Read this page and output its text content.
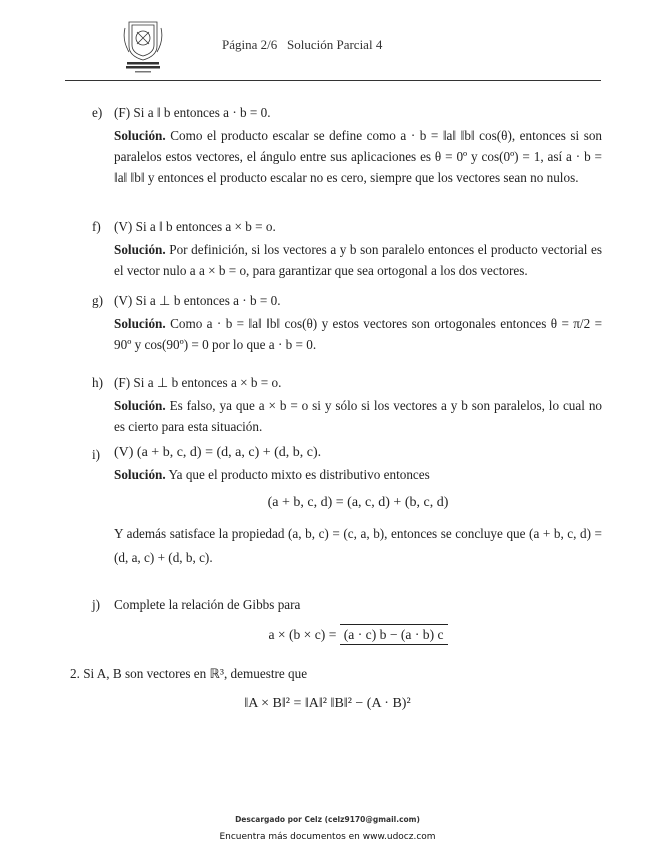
Página 2/6 Solución Parcial 4
e) (F) Si a ‖ b entonces a · b = 0.
Solución. Como el producto escalar se define como a · b = ‖a‖ ‖b‖ cos(θ), entonces si son paralelos estos vectores, el ángulo entre sus aplicaciones es θ = 0º y cos(0º) = 1, así a · b = ‖a‖ ‖b‖ y entonces el producto escalar no es cero, siempre que los vectores sean no nulos.
f) (V) Si a ‖ b entonces a × b = o.
Solución. Por definición, si los vectores a y b son paralelo entonces el producto vectorial es el vector nulo a a × b = o, para garantizar que sea ortogonal a los dos vectores.
g) (V) Si a ⊥ b entonces a · b = 0.
Solución. Como a · b = ‖a‖ ‖b‖ cos(θ) y estos vectores son ortogonales entonces θ = π/2 = 90º y cos(90º) = 0 por lo que a · b = 0.
h) (F) Si a ⊥ b entonces a × b = o.
Solución. Es falso, ya que a × b = o si y sólo si los vectores a y b son paralelos, lo cual no es cierto para esta situación.
i) (V) (a + b, c, d) = (d, a, c) + (d, b, c).
Solución. Ya que el producto mixto es distributivo entonces
(a + b, c, d) = (a, c, d) + (b, c, d)
Y además satisface la propiedad (a, b, c) = (c, a, b), entonces se concluye que (a + b, c, d) = (d, a, c) + (d, b, c).
j) Complete la relación de Gibbs para
a × (b × c) = (a · c) b − (a · b) c
2. Si A, B son vectores en ℝ³, demuestre que
‖A × B‖² = ‖A‖² ‖B‖² − (A · B)²
Descargado por Celz (celz9170@gmail.com)
Encuentra más documentos en www.udocz.com
